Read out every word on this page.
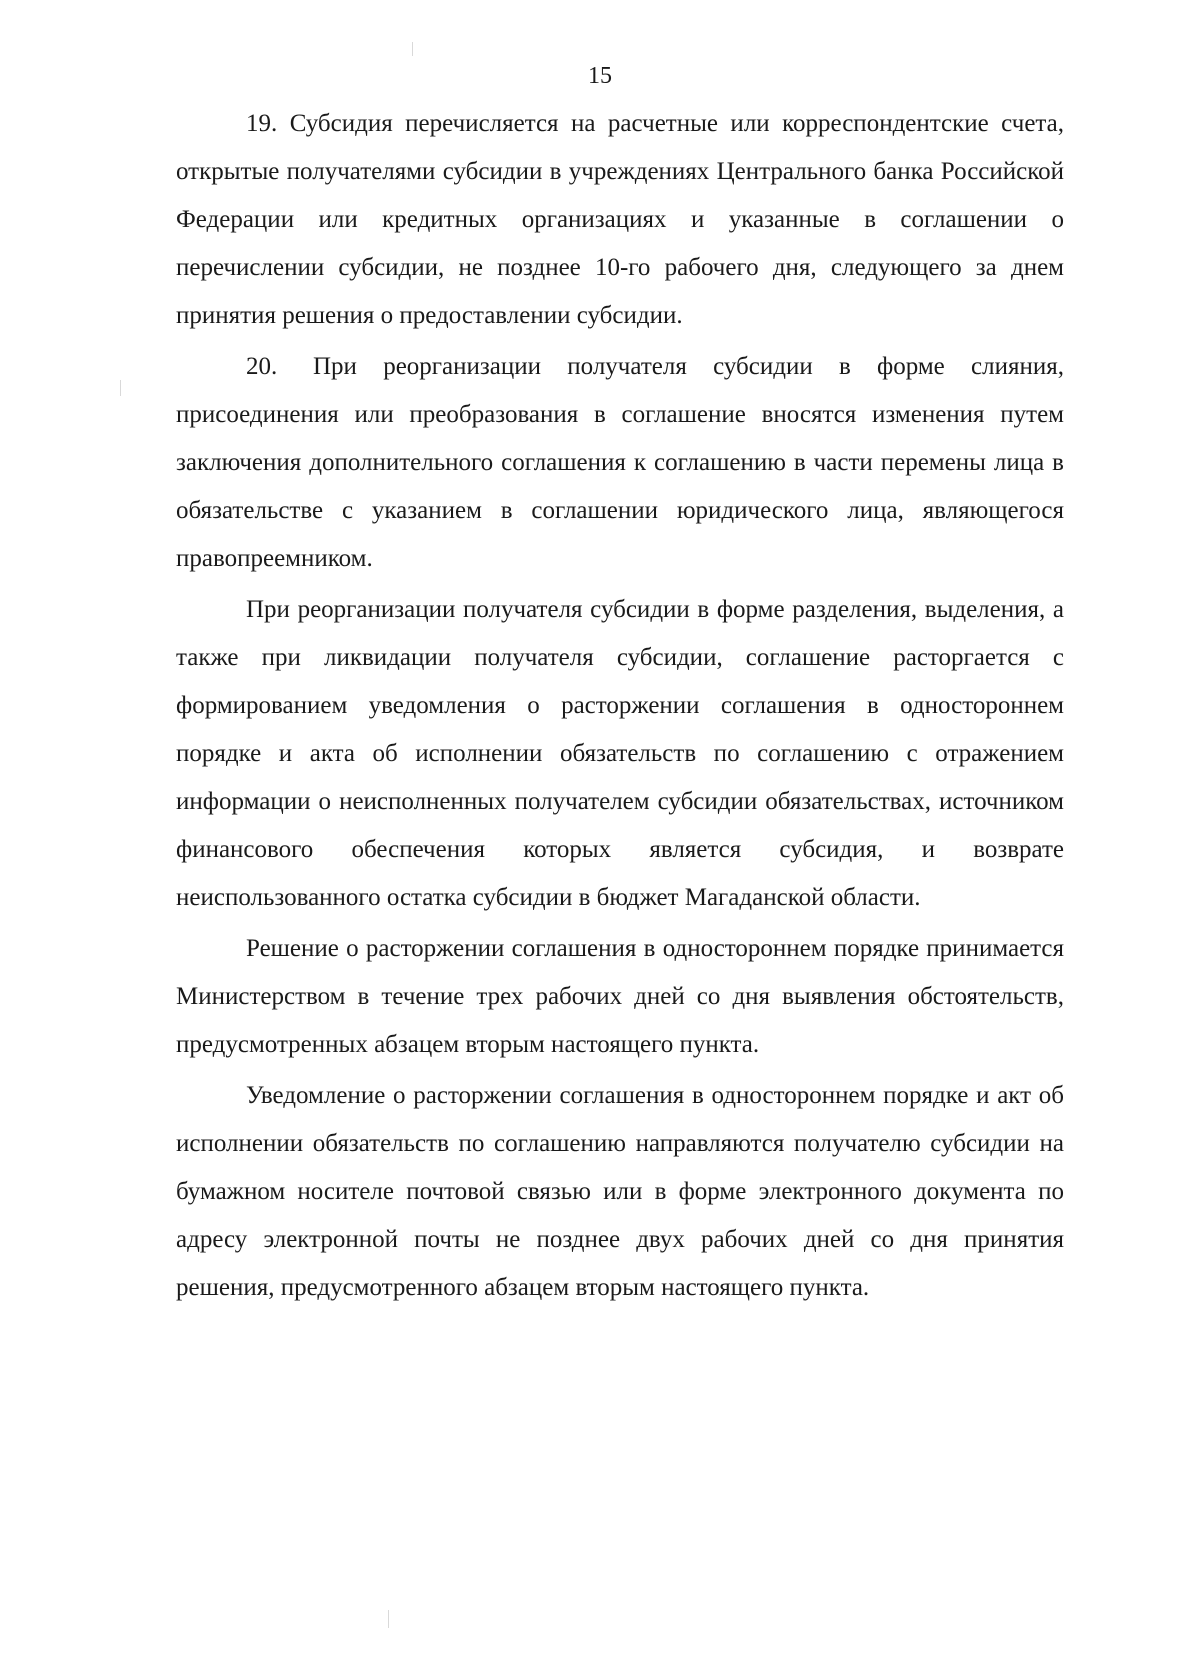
15

19. Субсидия перечисляется на расчетные или корреспондентские счета, открытые получателями субсидии в учреждениях Центрального банка Российской Федерации или кредитных организациях и указанные в соглашении о перечислении субсидии, не позднее 10-го рабочего дня, следующего за днем принятия решения о предоставлении субсидии.

20. При реорганизации получателя субсидии в форме слияния, присоединения или преобразования в соглашение вносятся изменения путем заключения дополнительного соглашения к соглашению в части перемены лица в обязательстве с указанием в соглашении юридического лица, являющегося правопреемником.

При реорганизации получателя субсидии в форме разделения, выделения, а также при ликвидации получателя субсидии, соглашение расторгается с формированием уведомления о расторжении соглашения в одностороннем порядке и акта об исполнении обязательств по соглашению с отражением информации о неисполненных получателем субсидии обязательствах, источником финансового обеспечения которых является субсидия, и возврате неиспользованного остатка субсидии в бюджет Магаданской области.

Решение о расторжении соглашения в одностороннем порядке принимается Министерством в течение трех рабочих дней со дня выявления обстоятельств, предусмотренных абзацем вторым настоящего пункта.

Уведомление о расторжении соглашения в одностороннем порядке и акт об исполнении обязательств по соглашению направляются получателю субсидии на бумажном носителе почтовой связью или в форме электронного документа по адресу электронной почты не позднее двух рабочих дней со дня принятия решения, предусмотренного абзацем вторым настоящего пункта.
